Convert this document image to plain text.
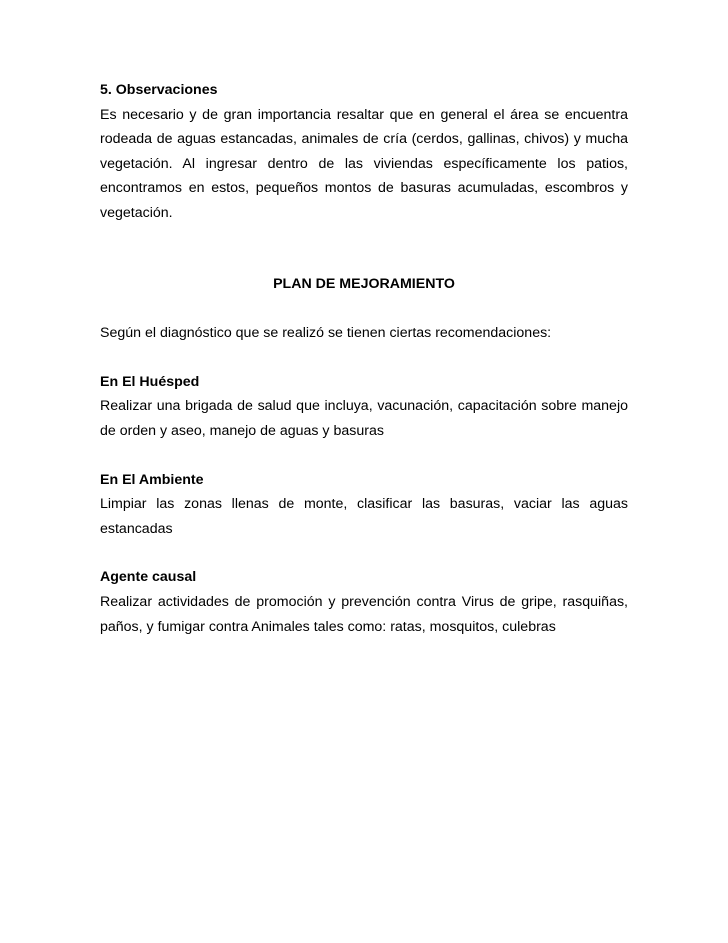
5. Observaciones

Es necesario y de gran importancia resaltar que en general el área se encuentra rodeada de aguas estancadas, animales de cría (cerdos, gallinas, chivos) y mucha vegetación. Al ingresar dentro de las viviendas específicamente los patios, encontramos en estos, pequeños montos de basuras acumuladas, escombros y vegetación.

PLAN DE MEJORAMIENTO

Según el diagnóstico que se realizó se tienen ciertas recomendaciones:

En El Huésped

Realizar una brigada de salud que incluya, vacunación, capacitación sobre manejo de orden y aseo, manejo de aguas y basuras

En El Ambiente

Limpiar las zonas llenas de monte, clasificar las basuras, vaciar las aguas estancadas

Agente causal

Realizar actividades de promoción y prevención contra Virus de gripe, rasquiñas, paños, y fumigar contra Animales tales como: ratas, mosquitos, culebras
